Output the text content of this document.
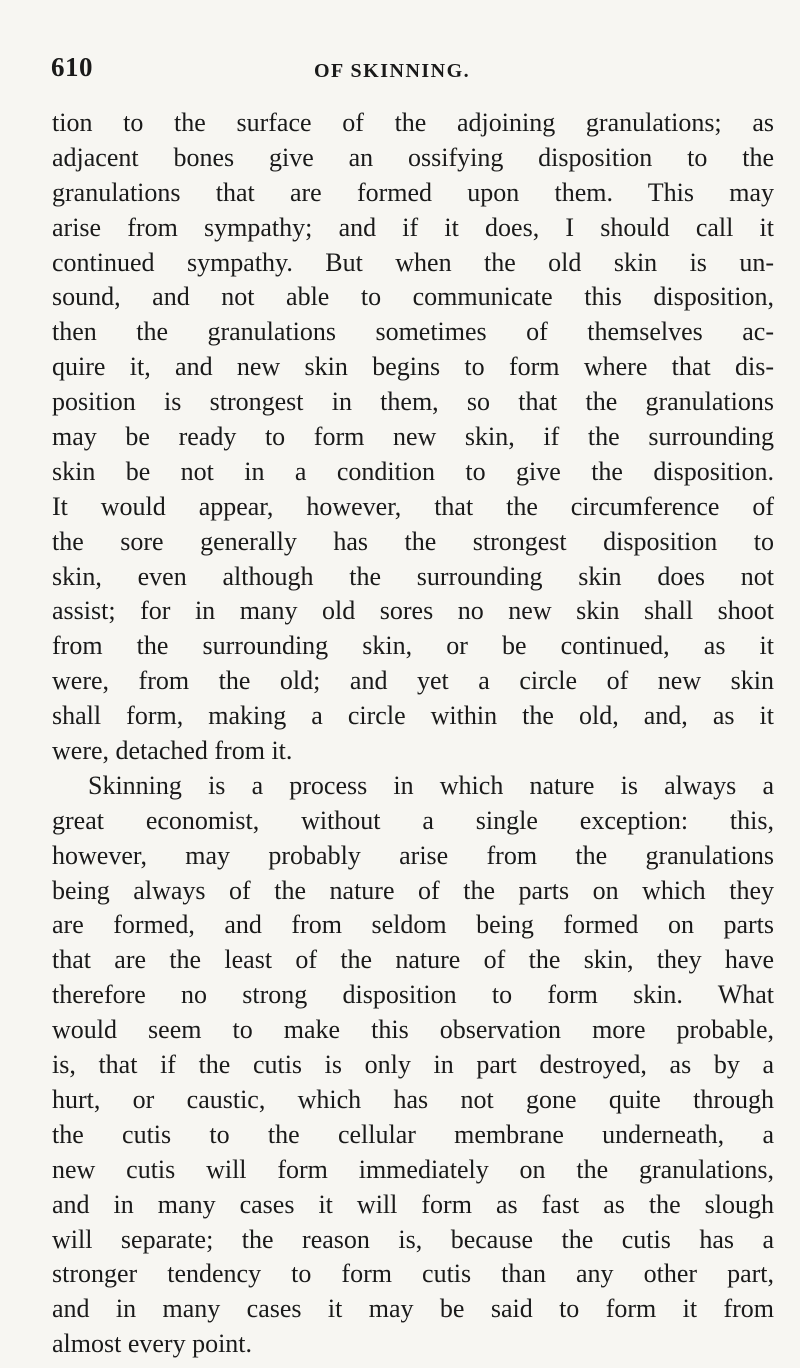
610	OF SKINNING.
tion to the surface of the adjoining granulations; as
adjacent bones give an ossifying disposition to the
granulations that are formed upon them. This may
arise from sympathy; and if it does, I should call it
continued sympathy. But when the old skin is un-
sound, and not able to communicate this disposition,
then the granulations sometimes of themselves ac-
quire it, and new skin begins to form where that dis-
position is strongest in them, so that the granulations
may be ready to form new skin, if the surrounding
skin be not in a condition to give the disposition.
It would appear, however, that the circumference of
the sore generally has the strongest disposition to
skin, even although the surrounding skin does not
assist; for in many old sores no new skin shall shoot
from the surrounding skin, or be continued, as it
were, from the old; and yet a circle of new skin
shall form, making a circle within the old, and, as it
were, detached from it.
Skinning is a process in which nature is always a
great economist, without a single exception: this,
however, may probably arise from the granulations
being always of the nature of the parts on which they
are formed, and from seldom being formed on parts
that are the least of the nature of the skin, they have
therefore no strong disposition to form skin. What
would seem to make this observation more probable,
is, that if the cutis is only in part destroyed, as by a
hurt, or caustic, which has not gone quite through
the cutis to the cellular membrane underneath, a
new cutis will form immediately on the granulations,
and in many cases it will form as fast as the slough
will separate; the reason is, because the cutis has a
stronger tendency to form cutis than any other part,
and in many cases it may be said to form it from
almost every point.
